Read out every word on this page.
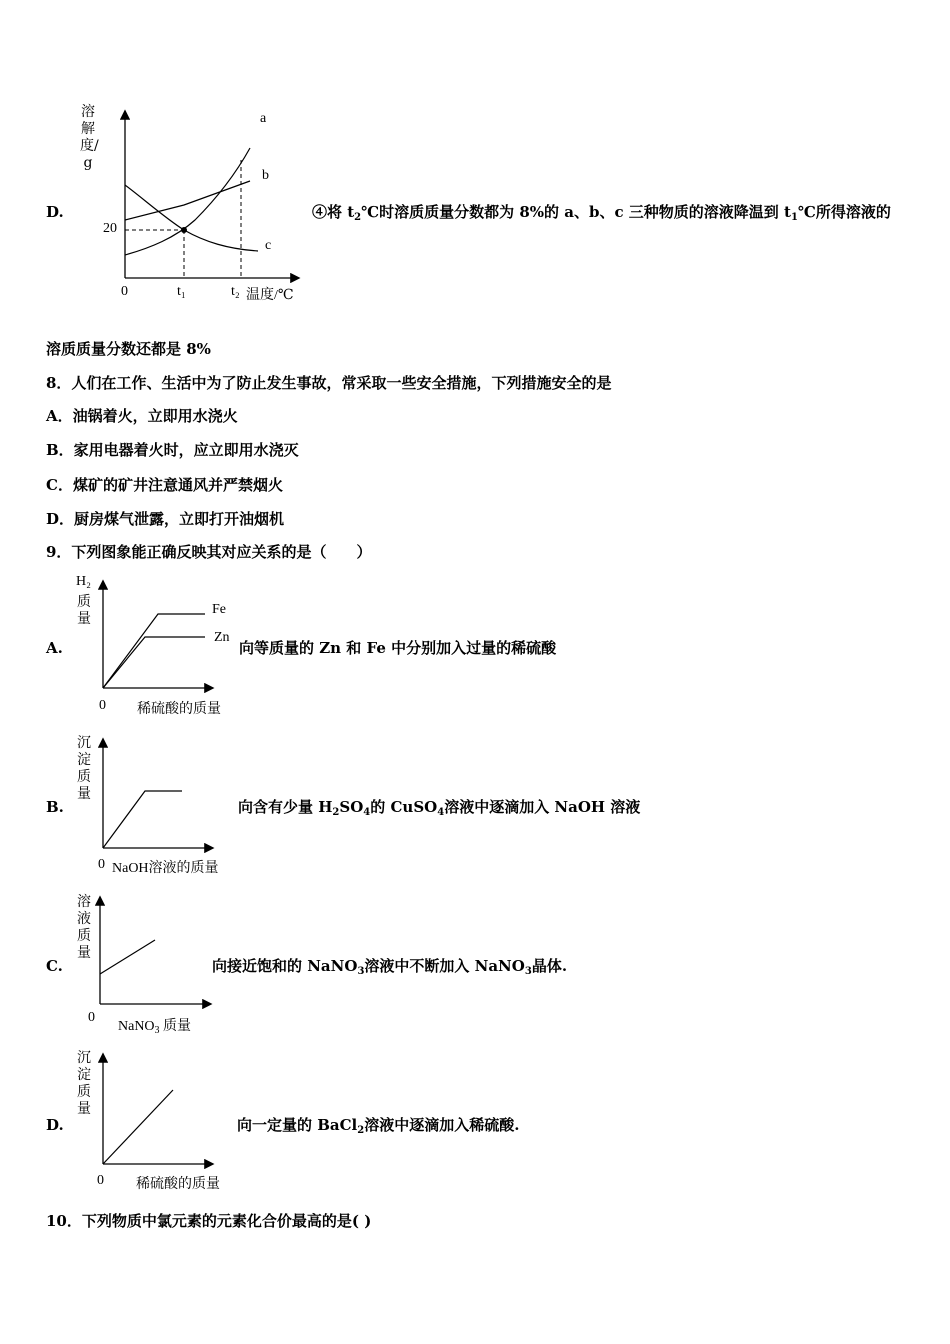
D.
溶解度/g
a
b
c
20
0	t₁	t₂ 温度/℃
④将 $t_2℃$时溶质质量分数都为 8%的 a、b、c 三种物质的溶液降温到 $t_1℃$所得溶液的
溶质质量分数还都是 8%
8．人们在工作、生活中为了防止发生事故，常采取一些安全措施，下列措施安全的是
A．油锅着火，立即用水浇火
B．家用电器着火时，应立即用水浇灭
C．煤矿的矿井注意通风并严禁烟火
D．厨房煤气泄露，立即打开油烟机
9．下列图象能正确反映其对应关系的是（　　）
A.
H₂
质量
Fe
Zn
0 稀硫酸的质量
向等质量的 Zn 和 Fe 中分别加入过量的稀硫酸
B.
沉淀质量
0 NaOH溶液的质量
向含有少量 $H_2SO_4$的 CuSO$_4$溶液中逐滴加入 NaOH 溶液
C.
溶液质量
0
NaNO$_3$ 质量
向接近饱和的 NaNO$_3$溶液中不断加入 NaNO$_3$晶体.
D.
沉淀质量
0 稀硫酸的质量
向一定量的 BaCl$_2$溶液中逐滴加入稀硫酸.
10．下列物质中氯元素的元素化合价最高的是( )
